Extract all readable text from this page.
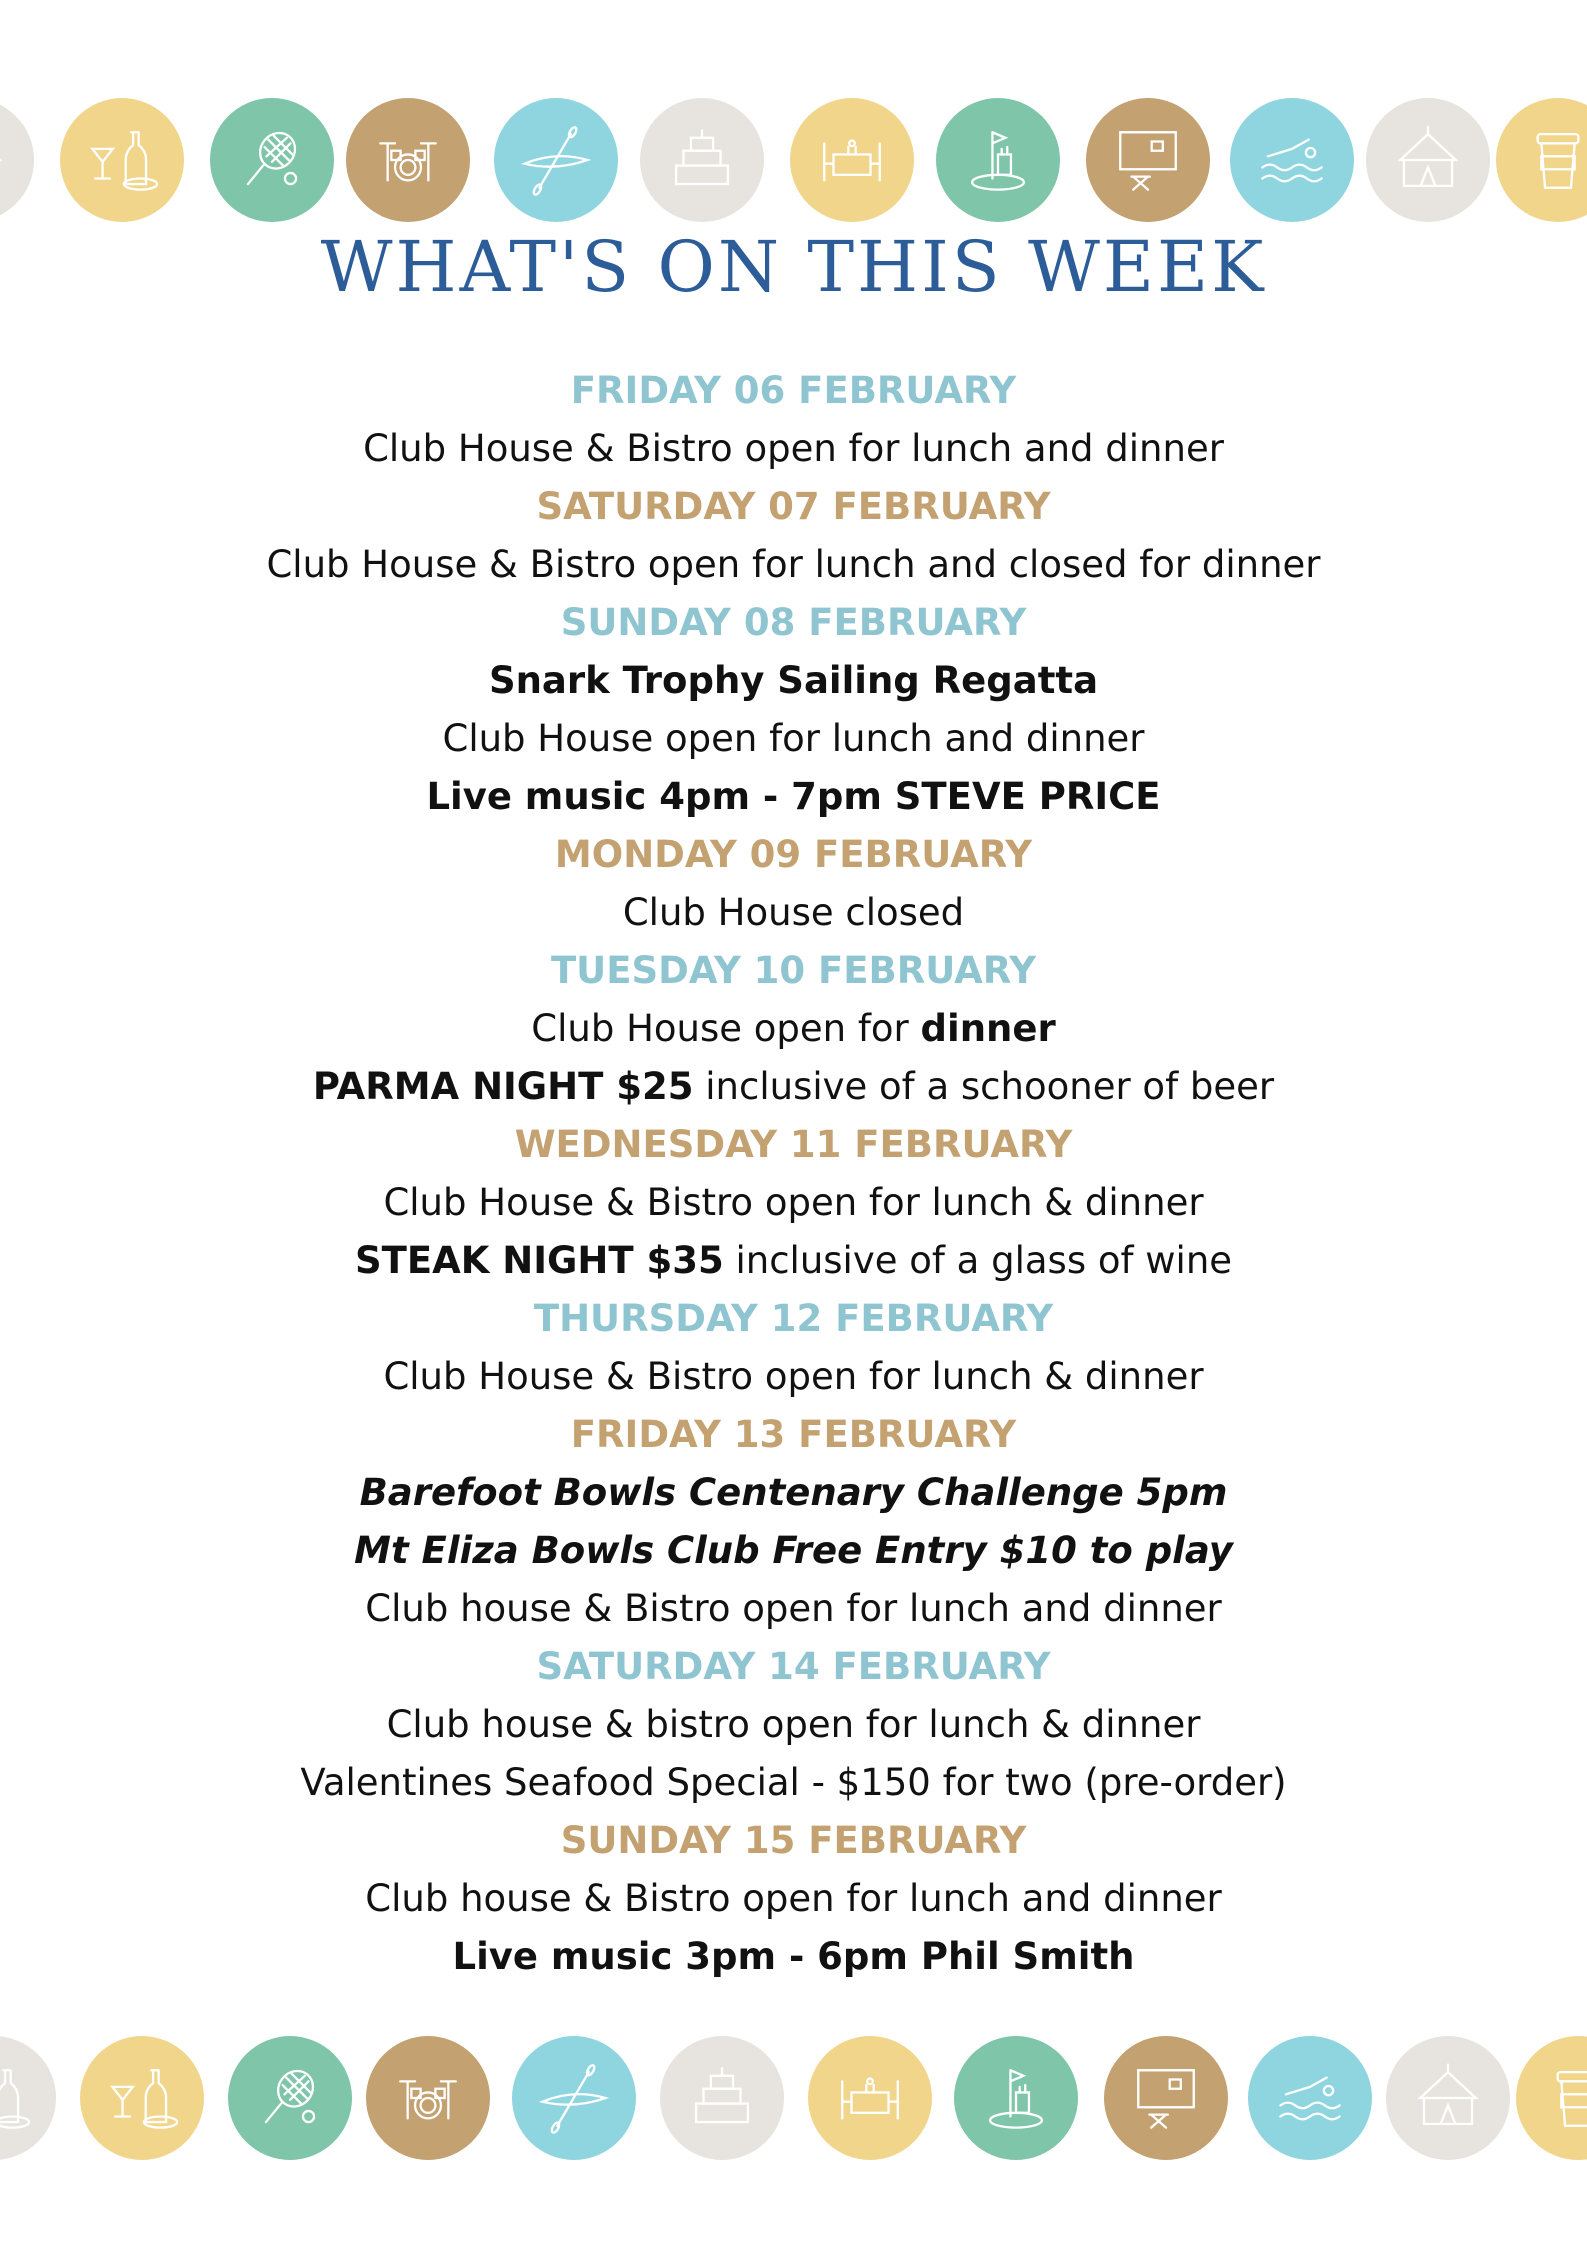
WHAT'S ON THIS WEEK
FRIDAY 06 FEBRUARY
Club House & Bistro open for lunch and dinner
SATURDAY 07 FEBRUARY
Club House & Bistro open for lunch and closed for dinner
SUNDAY 08 FEBRUARY
Snark Trophy Sailing Regatta
Club House open for lunch and dinner
Live music 4pm - 7pm STEVE PRICE
MONDAY 09 FEBRUARY
Club House closed
TUESDAY 10 FEBRUARY
Club House open for dinner
PARMA NIGHT $25 inclusive of a schooner of beer
WEDNESDAY 11 FEBRUARY
Club House & Bistro open for lunch & dinner
STEAK NIGHT $35 inclusive of a glass of wine
THURSDAY 12 FEBRUARY
Club House & Bistro open for lunch & dinner
FRIDAY 13 FEBRUARY
Barefoot Bowls Centenary Challenge 5pm
Mt Eliza Bowls Club Free Entry $10 to play
Club house & Bistro open for lunch and dinner
SATURDAY 14 FEBRUARY
Club house & bistro open for lunch & dinner
Valentines Seafood Special - $150 for two (pre-order)
SUNDAY 15 FEBRUARY
Club house & Bistro open for lunch and dinner
Live music 3pm - 6pm Phil Smith
